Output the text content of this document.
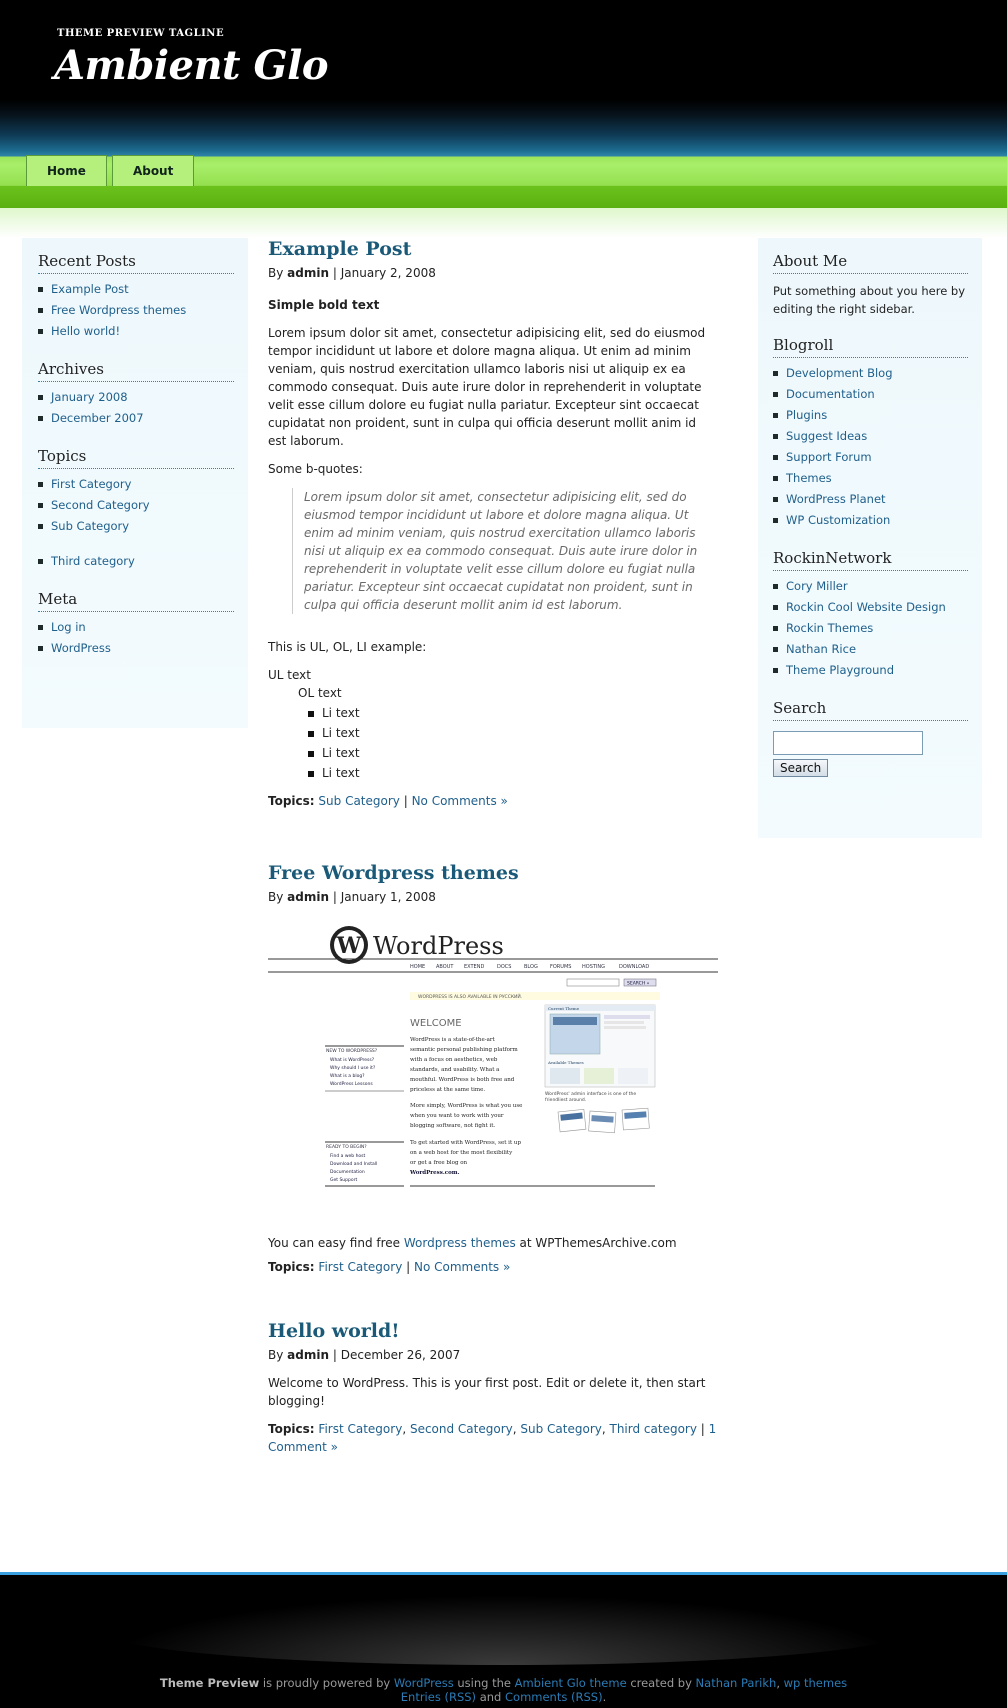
THEME PREVIEW TAGLINE
Ambient Glo
Home	About
Recent Posts
Example Post
Free Wordpress themes
Hello world!
Archives
January 2008
December 2007
Topics
First Category
Second Category
Sub Category
Third category
Meta
Log in
WordPress
Example Post
By admin | January 2, 2008

Simple bold text

Lorem ipsum dolor sit amet, consectetur adipisicing elit, sed do eiusmod tempor incididunt ut labore et dolore magna aliqua. Ut enim ad minim veniam, quis nostrud exercitation ullamco laboris nisi ut aliquip ex ea commodo consequat. Duis aute irure dolor in reprehenderit in voluptate velit esse cillum dolore eu fugiat nulla pariatur. Excepteur sint occaecat cupidatat non proident, sunt in culpa qui officia deserunt mollit anim id est laborum.

Some b-quotes:

Lorem ipsum dolor sit amet, consectetur adipisicing elit, sed do eiusmod tempor incididunt ut labore et dolore magna aliqua. Ut enim ad minim veniam, quis nostrud exercitation ullamco laboris nisi ut aliquip ex ea commodo consequat. Duis aute irure dolor in reprehenderit in voluptate velit esse cillum dolore eu fugiat nulla pariatur. Excepteur sint occaecat cupidatat non proident, sunt in culpa qui officia deserunt mollit anim id est laborum.

This is UL, OL, LI example:

UL text
OL text
Li text
Li text
Li text
Li text
Topics: Sub Category | No Comments »
Free Wordpress themes
By admin | January 1, 2008
W WordPress
HOME ABOUT EXTEND	DOCS	BLOG FORUMS HOSTING	DOWNLOAD
SEARCH »
WORDPRESS IS ALSO AVAILABLE IN РУССКИЙ.
WELCOME
NEW TO WORDPRESS?
What is WordPress?
Why should I use it?
What is a blog?
WordPress Lessons
READY TO BEGIN?
Find a web host
Download and Install
Documentation
Get Support
WordPress is a state-of-the-art
semantic personal publishing platform
with a focus on aesthetics, web
standards, and usability. What a
mouthful. WordPress is both free and
priceless at the same time.
More simply, WordPress is what you use
when you want to work with your
blogging software, not fight it.
To get started with WordPress, set it up
on a web host for the most flexibility
or get a free blog on
WordPress.com.
Current Theme
Available Themes
WordPress' admin interface is one of the
friendliest around.

You can easy find free Wordpress themes at WPThemesArchive.com

Topics: First Category | No Comments »
Hello world!
By admin | December 26, 2007

Welcome to WordPress. This is your first post. Edit or delete it, then start blogging!

Topics: First Category, Second Category, Sub Category, Third category | 1 Comment »
About Me

Put something about you here by editing the right sidebar.

Blogroll
Development Blog
Documentation
Plugins
Suggest Ideas
Support Forum
Themes
WordPress Planet
WP Customization
RockinNetwork
Cory Miller
Rockin Cool Website Design
Rockin Themes
Nathan Rice
Theme Playground
Search
Search
Theme Preview is proudly powered by WordPress using the Ambient Glo theme created by Nathan Parikh, wp themes
Entries (RSS) and Comments (RSS).
